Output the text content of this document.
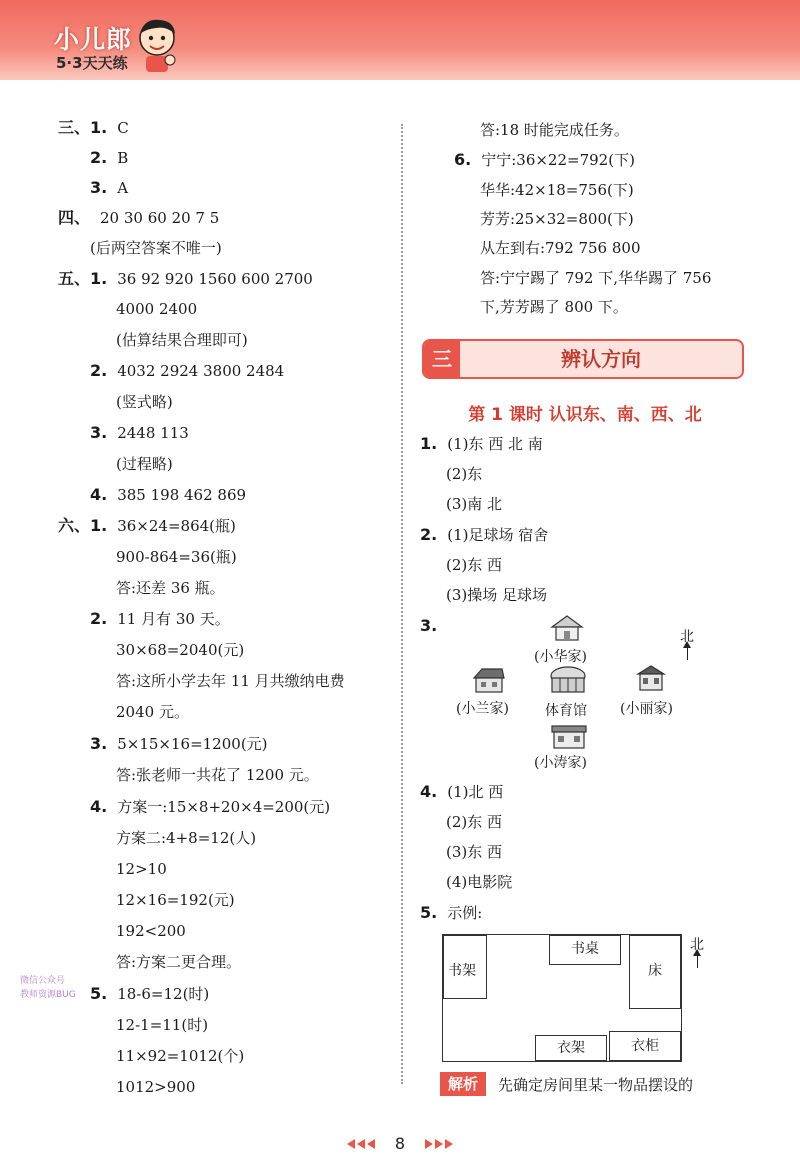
小儿郎
5·3天天练
三、1. C
2. B
3. A
四、 20 30 60 20 7 5
(后两空答案不唯一)
五、1. 36 92 920 1560 600 2700
4000 2400
(估算结果合理即可)
2. 4032 2924 3800 2484
(竖式略)
3. 2448 113
(过程略)
4. 385 198 462 869
六、1. 36×24=864(瓶)
900-864=36(瓶)
答:还差 36 瓶。
2. 11 月有 30 天。
30×68=2040(元)
答:这所小学去年 11 月共缴纳电费
2040 元。
3. 5×15×16=1200(元)
答:张老师一共花了 1200 元。
4. 方案一:15×8+20×4=200(元)
方案二:4+8=12(人)
12>10
12×16=192(元)
192<200
答:方案二更合理。
5. 18-6=12(时)
12-1=11(时)
11×92=1012(个)
1012>900
微信公众号
教师资源BUG
答:18 时能完成任务。
6. 宁宁:36×22=792(下)
华华:42×18=756(下)
芳芳:25×32=800(下)
从左到右:792 756 800
答:宁宁踢了 792 下,华华踢了 756
下,芳芳踢了 800 下。
三	辨认方向
第 1 课时 认识东、南、西、北
1. (1)东 西 北 南
(2)东
(3)南 北
2. (1)足球场 宿舍
(2)东 西
(3)操场 足球场
3.
4. (1)北 西
(2)东 西
(3)东 西
(4)电影院
5. 示例:
(小华家)
北
(小兰家)	体育馆 (小丽家)
(小涛家)
书架
书桌
床
衣架	衣柜
北
解析	先确定房间里某一物品摆设的
8
